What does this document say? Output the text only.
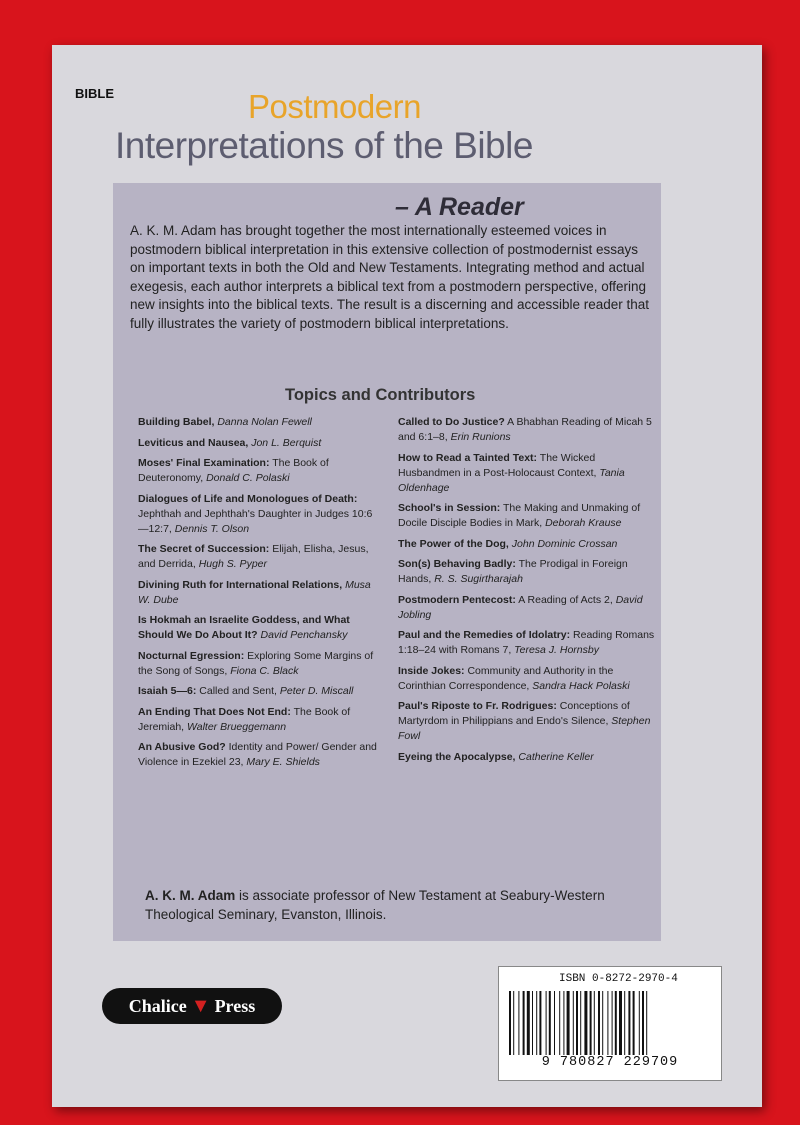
BIBLE	Postmodern
Interpretations of the Bible
– A Reader
A. K. M. Adam has brought together the most internationally esteemed voices in postmodern biblical interpretation in this extensive collection of postmodernist essays on important texts in both the Old and New Testaments. Integrating method and actual exegesis, each author interprets a biblical text from a postmodern perspective, offering new insights into the biblical texts. The result is a discerning and accessible reader that fully illustrates the variety of postmodern biblical interpretations.
Topics and Contributors
Building Babel, Danna Nolan Fewell
Leviticus and Nausea, Jon L. Berquist
Moses' Final Examination: The Book of Deuteronomy, Donald C. Polaski
Dialogues of Life and Monologues of Death: Jephthah and Jephthah's Daughter in Judges 10:6—12:7, Dennis T. Olson
The Secret of Succession: Elijah, Elisha, Jesus, and Derrida, Hugh S. Pyper
Divining Ruth for International Relations, Musa W. Dube
Is Hokmah an Israelite Goddess, and What Should We Do About It? David Penchansky
Nocturnal Egression: Exploring Some Margins of the Song of Songs, Fiona C. Black
Isaiah 5—6: Called and Sent, Peter D. Miscall
An Ending That Does Not End: The Book of Jeremiah, Walter Brueggemann
An Abusive God? Identity and Power/ Gender and Violence in Ezekiel 23, Mary E. Shields
Called to Do Justice? A Bhabhan Reading of Micah 5 and 6:1–8, Erin Runions
How to Read a Tainted Text: The Wicked Husbandmen in a Post-Holocaust Context, Tania Oldenhage
School's in Session: The Making and Unmaking of Docile Disciple Bodies in Mark, Deborah Krause
The Power of the Dog, John Dominic Crossan
Son(s) Behaving Badly: The Prodigal in Foreign Hands, R. S. Sugirtharajah
Postmodern Pentecost: A Reading of Acts 2, David Jobling
Paul and the Remedies of Idolatry: Reading Romans 1:18–24 with Romans 7, Teresa J. Hornsby
Inside Jokes: Community and Authority in the Corinthian Correspondence, Sandra Hack Polaski
Paul's Riposte to Fr. Rodrigues: Conceptions of Martyrdom in Philippians and Endo's Silence, Stephen Fowl
Eyeing the Apocalypse, Catherine Keller
A. K. M. Adam is associate professor of New Testament at Seabury-Western Theological Seminary, Evanston, Illinois.
Chalice ▼ Press
ISBN 0-8272-2970-4
9 780827 229709
